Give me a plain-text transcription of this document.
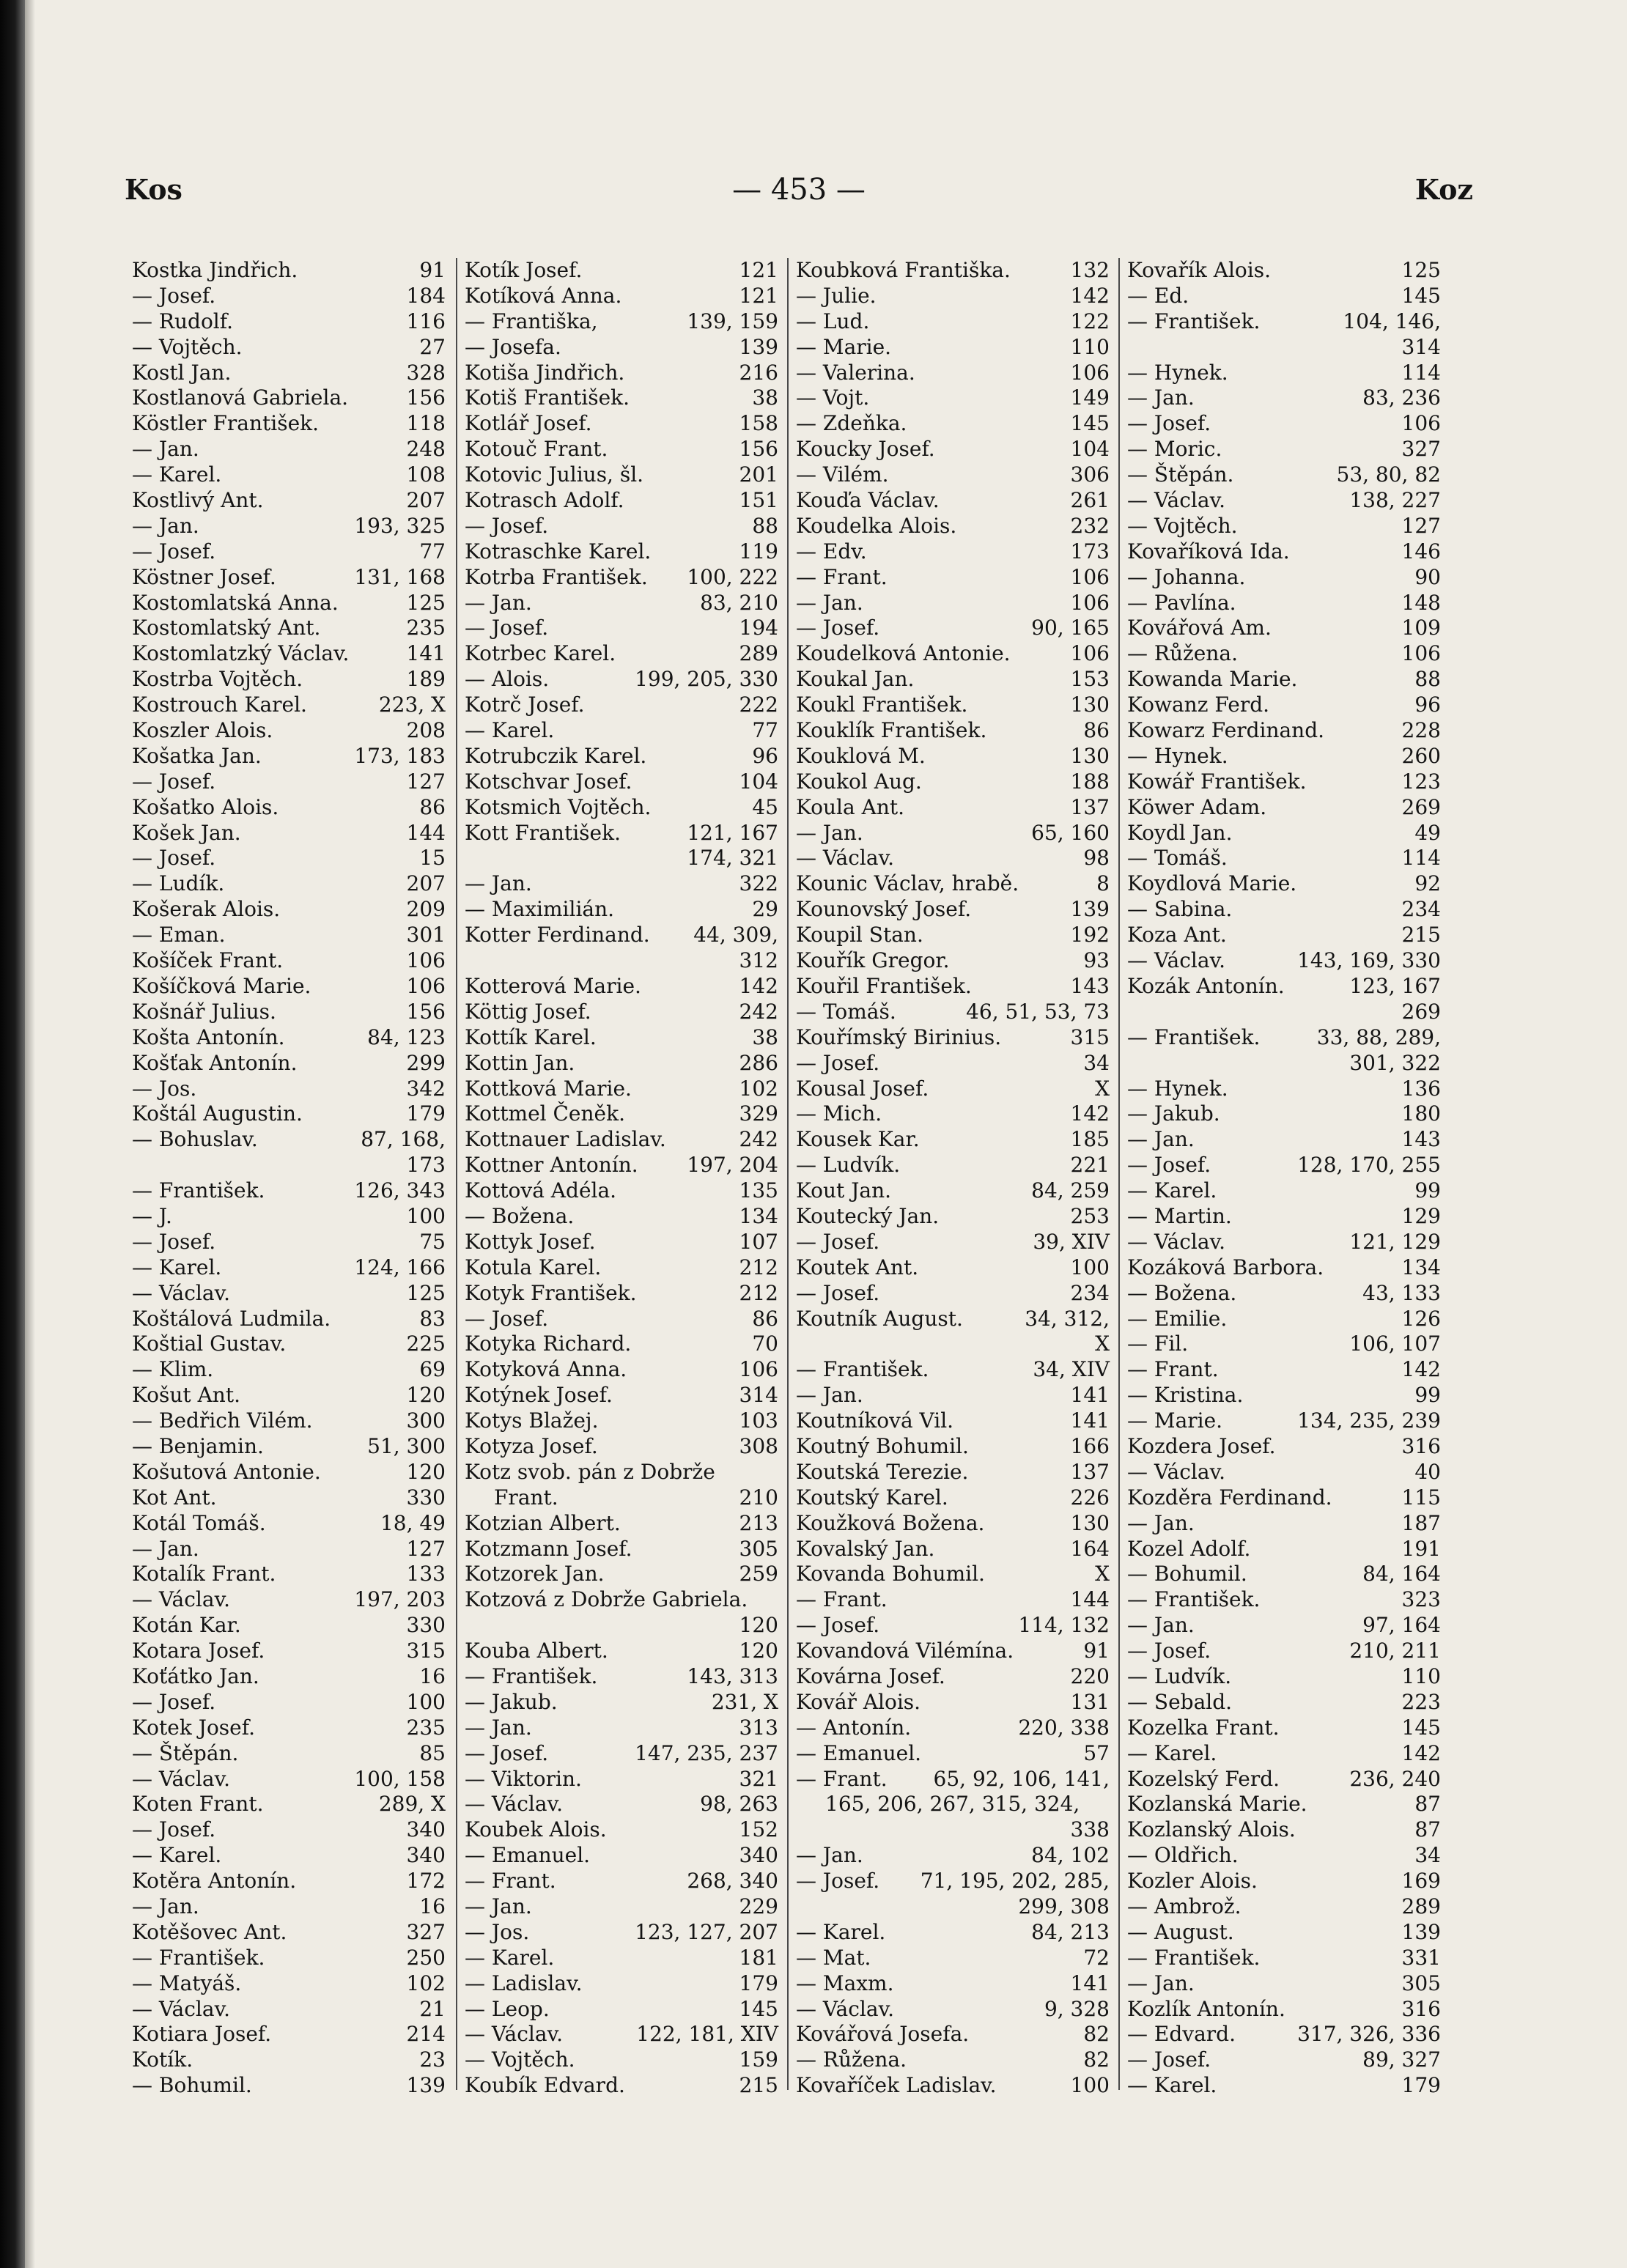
— 453 —
Kos	Koz
Kostka Jindřich.	91
— Josef.	184
— Rudolf.	116
— Vojtěch.	27
Kostl Jan.	328
Kostlanová Gabriela.	156
Köstler František.	118
— Jan.	248
— Karel.	108
Kostlivý Ant.	207
— Jan.	193, 325
— Josef.	77
Köstner Josef.	131, 168
Kostomlatská Anna.	125
Kostomlatský Ant.	235
Kostomlatzký Václav.	141
Kostrba Vojtěch.	189
Kostrouch Karel.	223, X
Koszler Alois.	208
Košatka Jan.	173, 183
— Josef.	127
Košatko Alois.	86
Košek Jan.	144
— Josef.	15
— Ludík.	207
Košerak Alois.	209
— Eman.	301
Košíček Frant.	106
Košíčková Marie.	106
Košnář Julius.	156
Košta Antonín.	84, 123
Košťak Antonín.	299
— Jos.	342
Koštál Augustin.	179
— Bohuslav.	87, 168,
173
— František.	126, 343
— J.	100
— Josef.	75
— Karel.	124, 166
— Václav.	125
Koštálová Ludmila.	83
Koštial Gustav.	225
— Klim.	69
Košut Ant.	120
— Bedřich Vilém.	300
— Benjamin.	51, 300
Košutová Antonie.	120
Kot Ant.	330
Kotál Tomáš.	18, 49
— Jan.	127
Kotalík Frant.	133
— Václav.	197, 203
Kotán Kar.	330
Kotara Josef.	315
Koťátko Jan.	16
— Josef.	100
Kotek Josef.	235
— Štěpán.	85
— Václav.	100, 158
Koten Frant.	289, X
— Josef.	340
— Karel.	340
Kotěra Antonín.	172
— Jan.	16
Kotěšovec Ant.	327
— František.	250
— Matyáš.	102
— Václav.	21
Kotiara Josef.	214
Kotík.	23
— Bohumil.	139
Kotík Josef.	121
Kotíková Anna.	121
— Františka,	139, 159
— Josefa.	139
Kotiša Jindřich.	216
Kotiš František.	38
Kotlář Josef.	158
Kotouč Frant.	156
Kotovic Julius, šl.	201
Kotrasch Adolf.	151
— Josef.	88
Kotraschke Karel.	119
Kotrba František. 100, 222
— Jan.	83, 210
— Josef.	194
Kotrbec Karel.	289
— Alois.	199, 205, 330
Kotrč Josef.	222
— Karel.	77
Kotrubczik Karel.	96
Kotschvar Josef.	104
Kotsmich Vojtěch.	45
Kott František.	121, 167
174, 321
— Jan.	322
— Maximilián.	29
Kotter Ferdinand. 44, 309,
312
Kotterová Marie.	142
Köttig Josef.	242
Kottík Karel.	38
Kottin Jan.	286
Kottková Marie.	102
Kottmel Čeněk.	329
Kottnauer Ladislav.	242
Kottner Antonín. 197, 204
Kottová Adéla.	135
— Božena.	134
Kottyk Josef.	107
Kotula Karel.	212
Kotyk František.	212
— Josef.	86
Kotyka Richard.	70
Kotyková Anna.	106
Kotýnek Josef.	314
Kotys Blažej.	103
Kotyza Josef.	308
Kotz svob. pán z Dobrže
Frant.	210
Kotzian Albert.	213
Kotzmann Josef.	305
Kotzorek Jan.	259
Kotzová z Dobrže Gabriela.
120
Kouba Albert.	120
— František.	143, 313
— Jakub.	231, X
— Jan.	313
— Josef.	147, 235, 237
— Viktorin.	321
— Václav.	98, 263
Koubek Alois.	152
— Emanuel.	340
— Frant.	268, 340
— Jan.	229
— Jos.	123, 127, 207
— Karel.	181
— Ladislav.	179
— Leop.	145
— Václav.	122, 181, XIV
— Vojtěch.	159
Koubík Edvard.	215
Koubková Františka.	132
— Julie.	142
— Lud.	122
— Marie.	110
— Valerina.	106
— Vojt.	149
— Zdeňka.	145
Koucky Josef.	104
— Vilém.	306
Kouďa Václav.	261
Koudelka Alois.	232
— Edv.	173
— Frant.	106
— Jan.	106
— Josef.	90, 165
Koudelková Antonie.	106
Koukal Jan.	153
Koukl František.	130
Kouklík František.	86
Kouklová M.	130
Koukol Aug.	188
Koula Ant.	137
— Jan.	65, 160
— Václav.	98
Kounic Václav, hrabě.	8
Kounovský Josef.	139
Koupil Stan.	192
Kouřík Gregor.	93
Kouřil František.	143
— Tomáš.	46, 51, 53, 73
Kouřímský Birinius.	315
— Josef.	34
Kousal Josef.	X
— Mich.	142
Kousek Kar.	185
— Ludvík.	221
Kout Jan.	84, 259
Koutecký Jan.	253
— Josef.	39, XIV
Koutek Ant.	100
— Josef.	234
Koutník August.	34, 312,
X
— František.	34, XIV
— Jan.	141
Koutníková Vil.	141
Koutný Bohumil.	166
Koutská Terezie.	137
Koutský Karel.	226
Koužková Božena.	130
Kovalský Jan.	164
Kovanda Bohumil.	X
— Frant.	144
— Josef.	114, 132
Kovandová Vilémína.	91
Kovárna Josef.	220
Kovář Alois.	131
— Antonín.	220, 338
— Emanuel.	57
— Frant. 65, 92, 106, 141,
165, 206, 267, 315, 324,
338
— Jan.	84, 102
— Josef. 71, 195, 202, 285,
299, 308
— Karel.	84, 213
— Mat.	72
— Maxm.	141
— Václav.	9, 328
Kovářová Josefa.	82
— Růžena.	82
Kovaříček Ladislav.	100
Kovařík Alois.	125
— Ed.	145
— František.	104, 146,
314
— Hynek.	114
— Jan.	83, 236
— Josef.	106
— Moric.	327
— Štěpán.	53, 80, 82
— Václav.	138, 227
— Vojtěch.	127
Kovaříková Ida.	146
— Johanna.	90
— Pavlína.	148
Kovářová Am.	109
— Růžena.	106
Kowanda Marie.	88
Kowanz Ferd.	96
Kowarz Ferdinand.	228
— Hynek.	260
Kowář František.	123
Köwer Adam.	269
Koydl Jan.	49
— Tomáš.	114
Koydlová Marie.	92
— Sabina.	234
Koza Ant.	215
— Václav.	143, 169, 330
Kozák Antonín.	123, 167
269
— František.	33, 88, 289,
301, 322
— Hynek.	136
— Jakub.	180
— Jan.	143
— Josef.	128, 170, 255
— Karel.	99
— Martin.	129
— Václav.	121, 129
Kozáková Barbora.	134
— Božena.	43, 133
— Emilie.	126
— Fil.	106, 107
— Frant.	142
— Kristina.	99
— Marie.	134, 235, 239
Kozdera Josef.	316
— Václav.	40
Kozděra Ferdinand.	115
— Jan.	187
Kozel Adolf.	191
— Bohumil.	84, 164
— František.	323
— Jan.	97, 164
— Josef.	210, 211
— Ludvík.	110
— Sebald.	223
Kozelka Frant.	145
— Karel.	142
Kozelský Ferd.	236, 240
Kozlanská Marie.	87
Kozlanský Alois.	87
— Oldřich.	34
Kozler Alois.	169
— Ambrož.	289
— August.	139
— František.	331
— Jan.	305
Kozlík Antonín.	316
— Edvard.	317, 326, 336
— Josef.	89, 327
— Karel.	179
